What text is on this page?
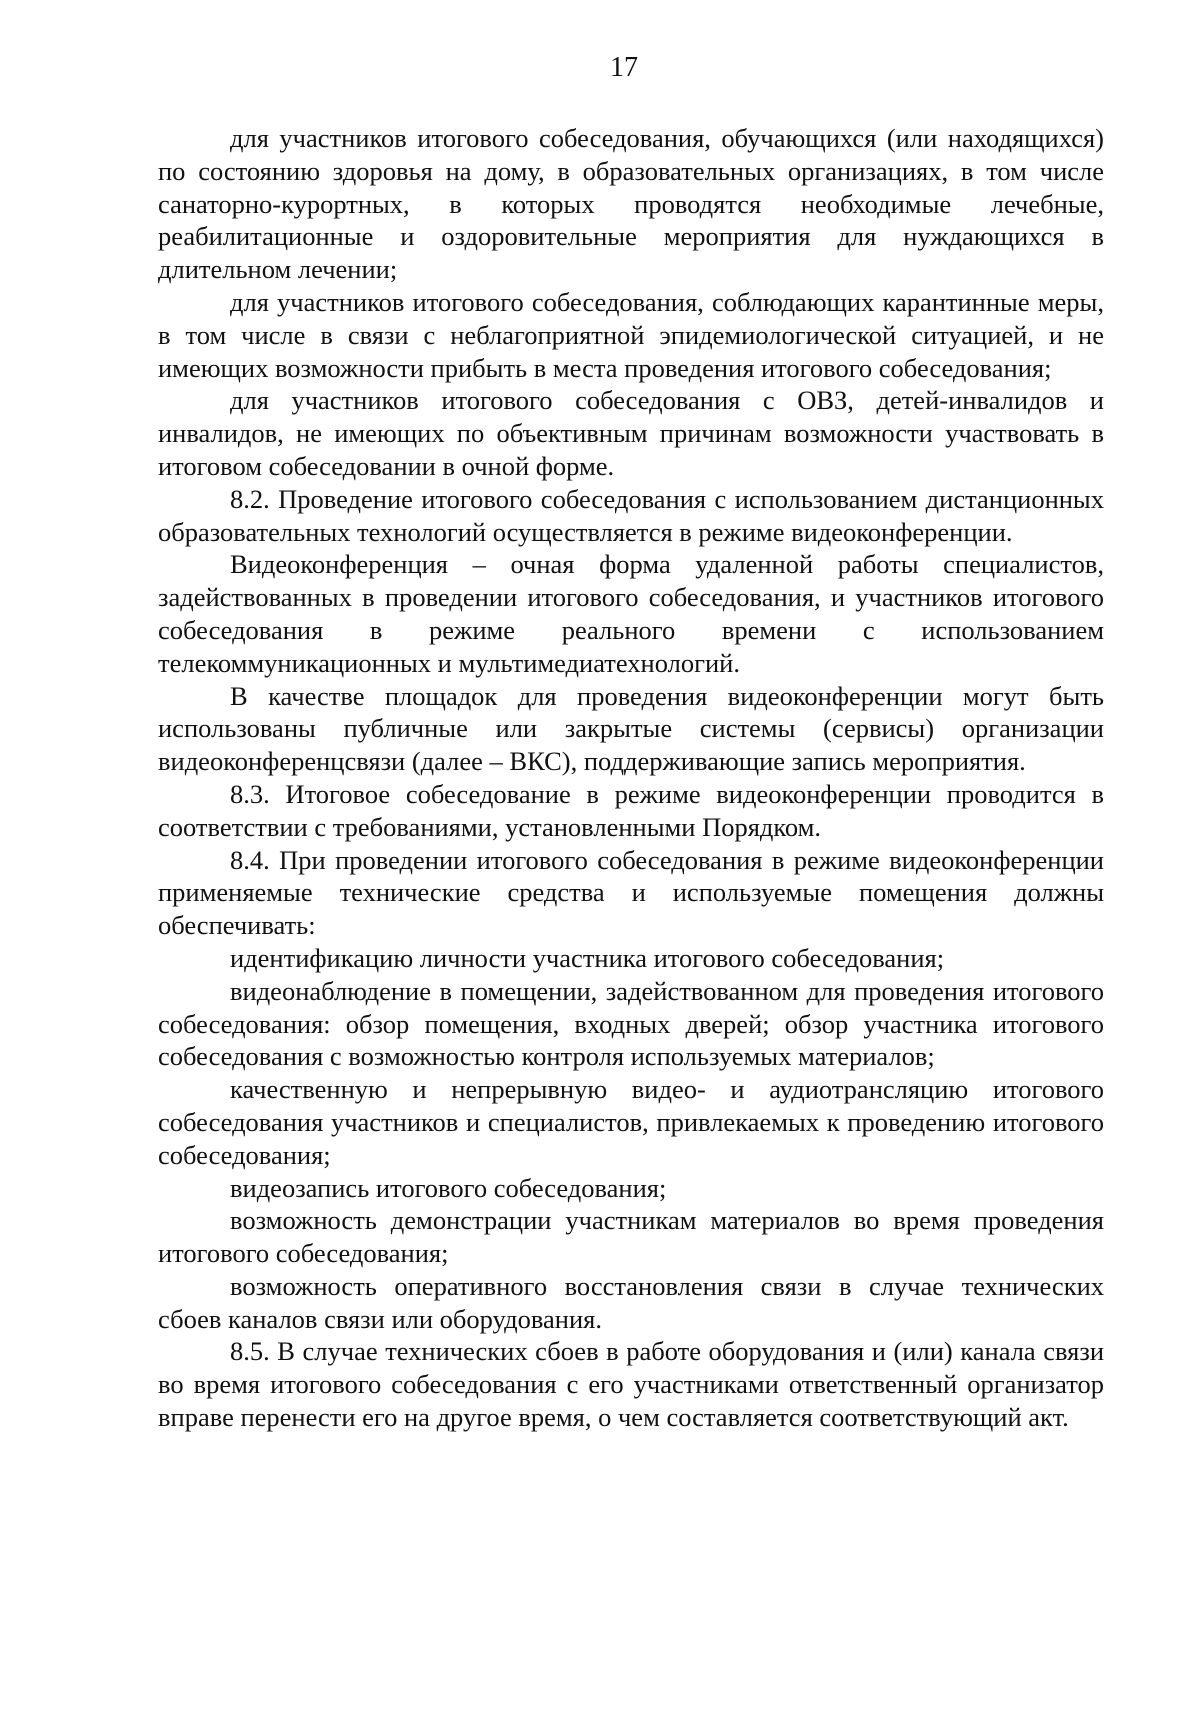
17

для участников итогового собеседования, обучающихся (или находящихся) по состоянию здоровья на дому, в образовательных организациях, в том числе санаторно-курортных, в которых проводятся необходимые лечебные, реабилитационные и оздоровительные мероприятия для нуждающихся в длительном лечении;

для участников итогового собеседования, соблюдающих карантинные меры, в том числе в связи с неблагоприятной эпидемиологической ситуацией, и не имеющих возможности прибыть в места проведения итогового собеседования;

для участников итогового собеседования с ОВЗ, детей-инвалидов и инвалидов, не имеющих по объективным причинам возможности участвовать в итоговом собеседовании в очной форме.

8.2. Проведение итогового собеседования с использованием дистанционных образовательных технологий осуществляется в режиме видеоконференции.

Видеоконференция – очная форма удаленной работы специалистов, задействованных в проведении итогового собеседования, и участников итогового собеседования в режиме реального времени с использованием телекоммуникационных и мультимедиатехнологий.

В качестве площадок для проведения видеоконференции могут быть использованы публичные или закрытые системы (сервисы) организации видеоконференцсвязи (далее – ВКС), поддерживающие запись мероприятия.

8.3. Итоговое собеседование в режиме видеоконференции проводится в соответствии с требованиями, установленными Порядком.

8.4. При проведении итогового собеседования в режиме видеоконференции применяемые технические средства и используемые помещения должны обеспечивать:

идентификацию личности участника итогового собеседования;

видеонаблюдение в помещении, задействованном для проведения итогового собеседования: обзор помещения, входных дверей; обзор участника итогового собеседования с возможностью контроля используемых материалов;

качественную и непрерывную видео- и аудиотрансляцию итогового собеседования участников и специалистов, привлекаемых к проведению итогового собеседования;

видеозапись итогового собеседования;

возможность демонстрации участникам материалов во время проведения итогового собеседования;

возможность оперативного восстановления связи в случае технических сбоев каналов связи или оборудования.

8.5. В случае технических сбоев в работе оборудования и (или) канала связи во время итогового собеседования с его участниками ответственный организатор вправе перенести его на другое время, о чем составляется соответствующий акт.
